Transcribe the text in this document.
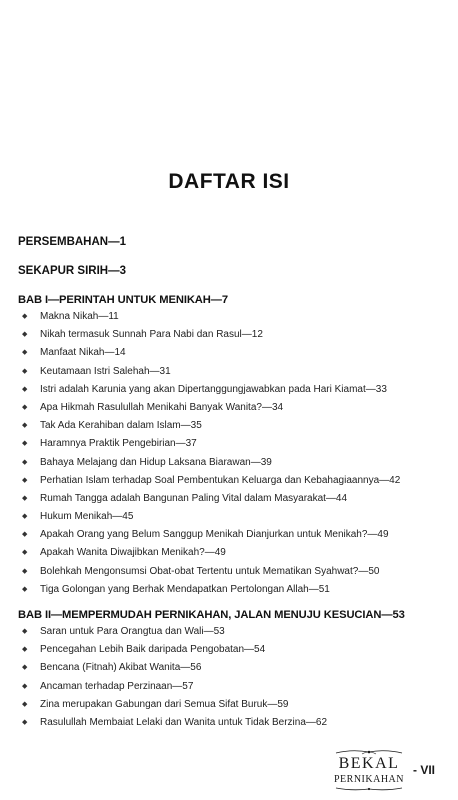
DAFTAR ISI
PERSEMBAHAN—1
SEKAPUR SIRIH—3
BAB I—PERINTAH UNTUK MENIKAH—7
◆ Makna Nikah—11
◆ Nikah termasuk Sunnah Para Nabi dan Rasul—12
◆ Manfaat Nikah—14
◆ Keutamaan Istri Salehah—31
◆ Istri adalah Karunia yang akan Dipertanggungjawabkan pada Hari Kiamat—33
◆ Apa Hikmah Rasulullah Menikahi Banyak Wanita?—34
◆ Tak Ada Kerahiban dalam Islam—35
◆ Haramnya Praktik Pengebirian—37
◆ Bahaya Melajang dan Hidup Laksana Biarawan—39
◆ Perhatian Islam terhadap Soal Pembentukan Keluarga dan Kebahagiaannya—42
◆ Rumah Tangga adalah Bangunan Paling Vital dalam Masyarakat—44
◆ Hukum Menikah—45
◆ Apakah Orang yang Belum Sanggup Menikah Dianjurkan untuk Menikah?—49
◆ Apakah Wanita Diwajibkan Menikah?—49
◆ Bolehkah Mengonsumsi Obat-obat Tertentu untuk Mematikan Syahwat?—50
◆ Tiga Golongan yang Berhak Mendapatkan Pertolongan Allah—51
BAB II—MEMPERMUDAH PERNIKAHAN, JALAN MENUJU KESUCIAN—53
◆ Saran untuk Para Orangtua dan Wali—53
◆ Pencegahan Lebih Baik daripada Pengobatan—54
◆ Bencana (Fitnah) Akibat Wanita—56
◆ Ancaman terhadap Perzinaan—57
◆ Zina merupakan Gabungan dari Semua Sifat Buruk—59
◆ Rasulullah Membaiat Lelaki dan Wanita untuk Tidak Berzina—62
BEKAL
PERNIKAHAN
- VII
